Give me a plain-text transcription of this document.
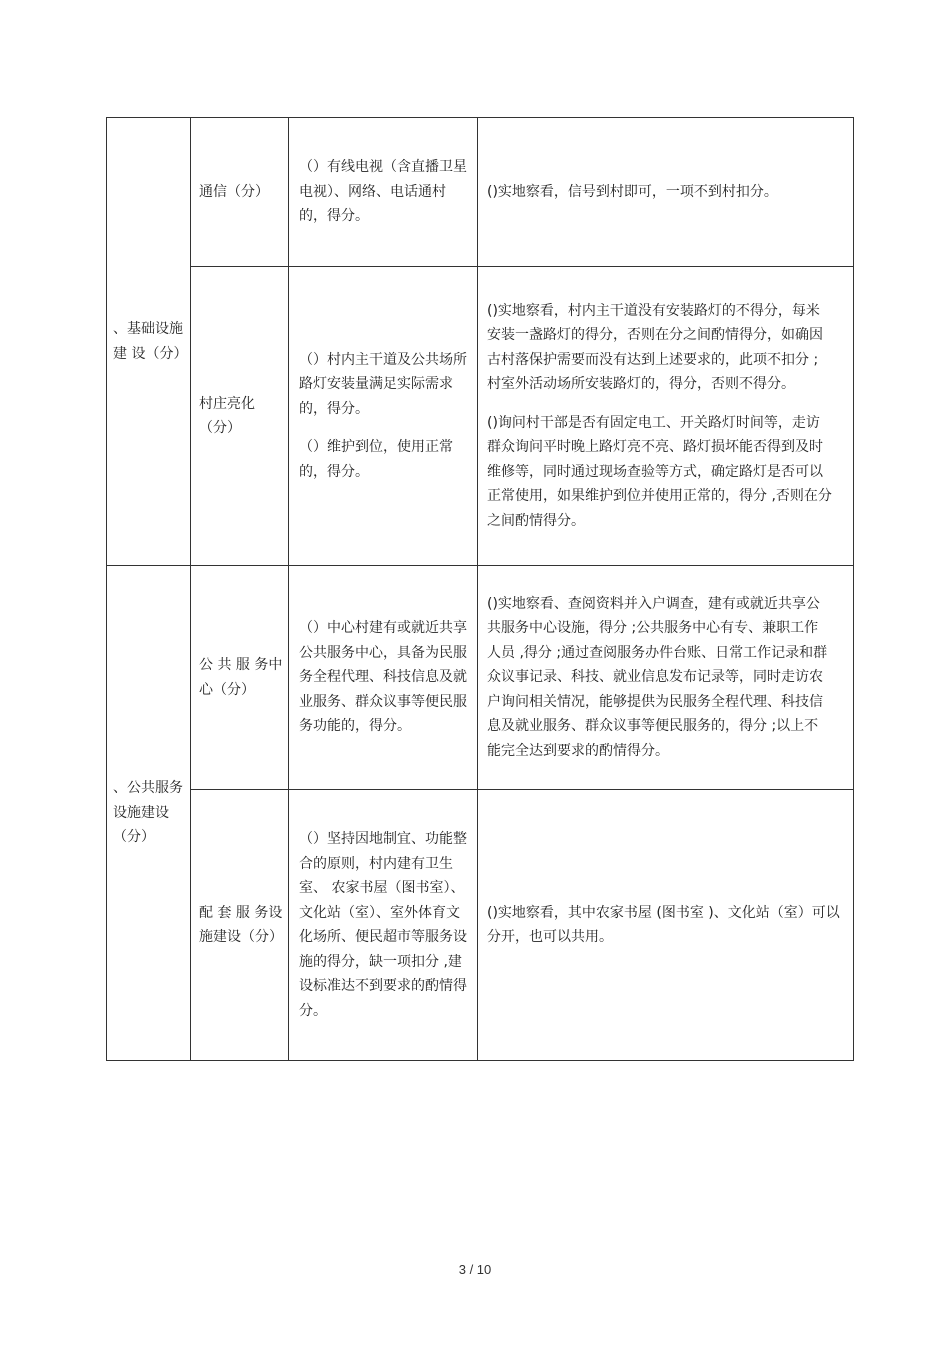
、基础设施 建 设（分）

通信（分）

（）有线电视（含直播卫星电视）、网络、电话通村的，得分。

()实地察看，信号到村即可，一项不到村扣分。

村庄亮化（分）

（）村内主干道及公共场所路灯安装量满足实际需求的，得分。

（）维护到位，使用正常的，得分。

()实地察看，村内主干道没有安装路灯的不得分，每米安装一盏路灯的得分，否则在分之间酌情得分，如确因古村落保护需要而没有达到上述要求的，此项不扣分 ;村室外活动场所安装路灯的，得分，否则不得分。

()询问村干部是否有固定电工、开关路灯时间等，走访群众询问平时晚上路灯亮不亮、路灯损坏能否得到及时维修等，同时通过现场查验等方式，确定路灯是否可以正常使用，如果维护到位并使用正常的，得分 ,否则在分之间酌情得分。

、公共服务设施建设（分）

公 共 服 务中心（分）

（）中心村建有或就近共享公共服务中心，具备为民服务全程代理、科技信息及就业服务、群众议事等便民服务功能的，得分。

()实地察看、查阅资料并入户调查，建有或就近共享公共服务中心设施，得分 ;公共服务中心有专、兼职工作人员 ,得分 ;通过查阅服务办件台账、日常工作记录和群众议事记录、科技、就业信息发布记录等，同时走访农户询问相关情况，能够提供为民服务全程代理、科技信息及就业服务、群众议事等便民服务的，得分 ;以上不能完全达到要求的酌情得分。

配 套 服 务设施建设（分）

（）坚持因地制宜、功能整合的原则，村内建有卫生室、 农家书屋（图书室）、文化站（室）、室外体育文化场所、便民超市等服务设施的得分，缺一项扣分 ,建设标准达不到要求的酌情得分。

()实地察看，其中农家书屋 (图书室 )、文化站（室）可以分开，也可以共用。

3 / 10
